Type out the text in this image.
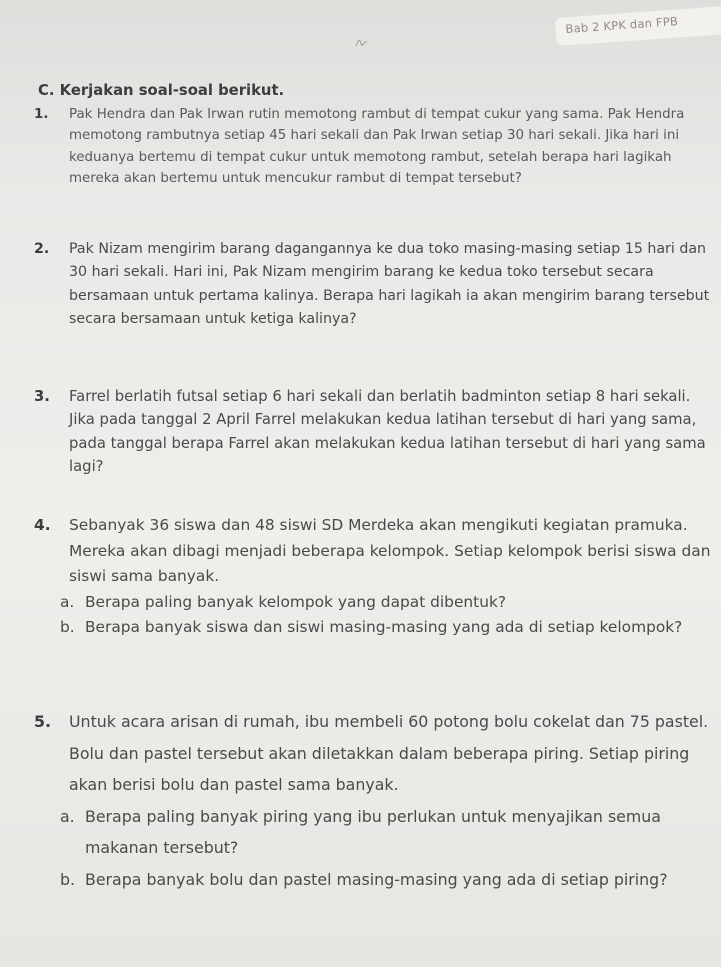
Bab 2 KPK dan FPB
C. Kerjakan soal-soal berikut.
1. Pak Hendra dan Pak Irwan rutin memotong rambut di tempat cukur yang sama. Pak Hendra memotong rambutnya setiap 45 hari sekali dan Pak Irwan setiap 30 hari sekali. Jika hari ini keduanya bertemu di tempat cukur untuk memotong rambut, setelah berapa hari lagikah mereka akan bertemu untuk mencukur rambut di tempat tersebut?
2. Pak Nizam mengirim barang dagangannya ke dua toko masing-masing setiap 15 hari dan 30 hari sekali. Hari ini, Pak Nizam mengirim barang ke kedua toko tersebut secara bersamaan untuk pertama kalinya. Berapa hari lagikah ia akan mengirim barang tersebut secara bersamaan untuk ketiga kalinya?
3. Farrel berlatih futsal setiap 6 hari sekali dan berlatih badminton setiap 8 hari sekali. Jika pada tanggal 2 April Farrel melakukan kedua latihan tersebut di hari yang sama, pada tanggal berapa Farrel akan melakukan kedua latihan tersebut di hari yang sama lagi?
4. Sebanyak 36 siswa dan 48 siswi SD Merdeka akan mengikuti kegiatan pramuka. Mereka akan dibagi menjadi beberapa kelompok. Setiap kelompok berisi siswa dan siswi sama banyak.
a. Berapa paling banyak kelompok yang dapat dibentuk?
b. Berapa banyak siswa dan siswi masing-masing yang ada di setiap kelompok?
5. Untuk acara arisan di rumah, ibu membeli 60 potong bolu cokelat dan 75 pastel. Bolu dan pastel tersebut akan diletakkan dalam beberapa piring. Setiap piring akan berisi bolu dan pastel sama banyak.
a. Berapa paling banyak piring yang ibu perlukan untuk menyajikan semua makanan tersebut?
b. Berapa banyak bolu dan pastel masing-masing yang ada di setiap piring?
